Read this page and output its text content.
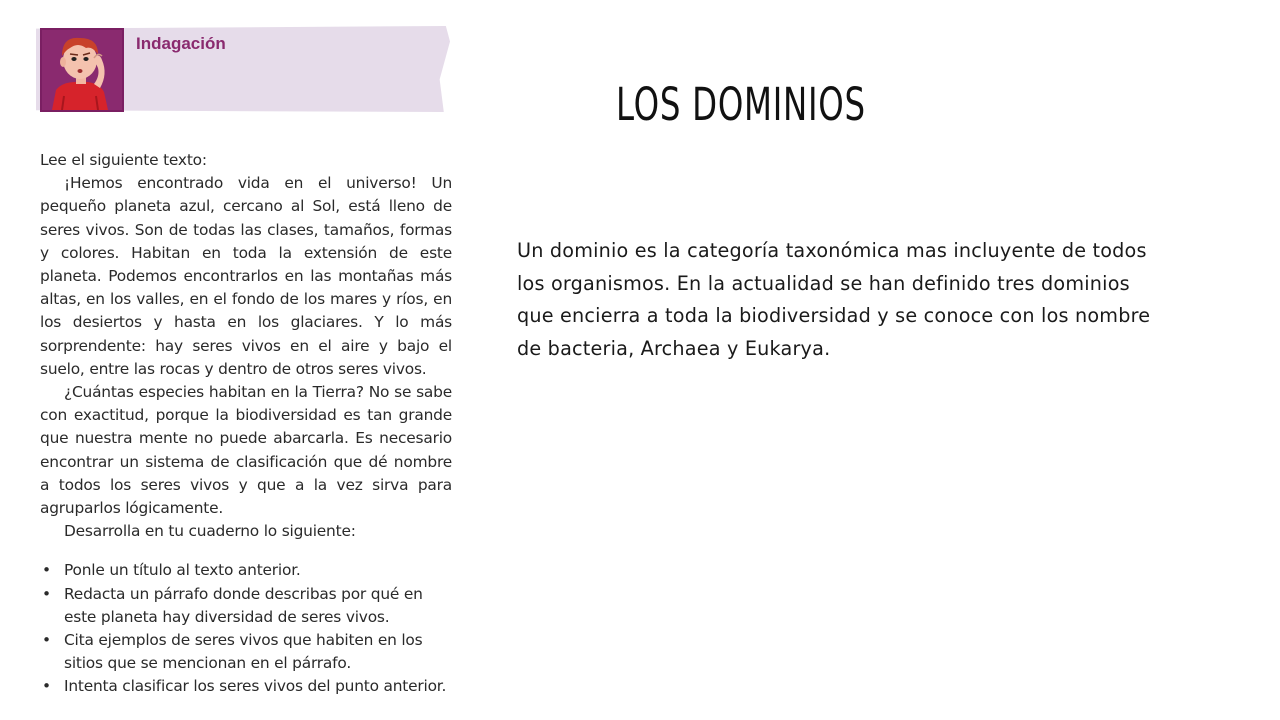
Indagación

Lee el siguiente texto:

¡Hemos encontrado vida en el universo! Un pequeño planeta azul, cercano al Sol, está lleno de seres vivos. Son de todas las clases, tamaños, formas y colores. Habitan en toda la extensión de este planeta. Podemos encontrarlos en las montañas más altas, en los valles, en el fondo de los mares y ríos, en los desiertos y hasta en los glaciares. Y lo más sorprendente: hay seres vivos en el aire y bajo el suelo, entre las rocas y dentro de otros seres vivos.

¿Cuántas especies habitan en la Tierra? No se sabe con exactitud, porque la biodiversidad es tan grande que nuestra mente no puede abarcarla. Es necesario encontrar un sistema de clasificación que dé nombre a todos los seres vivos y que a la vez sirva para agruparlos lógicamente.

Desarrolla en tu cuaderno lo siguiente:

• Ponle un título al texto anterior.
• Redacta un párrafo donde describas por qué en este planeta hay diversidad de seres vivos.
• Cita ejemplos de seres vivos que habiten en los sitios que se mencionan en el párrafo.
• Intenta clasificar los seres vivos del punto anterior.
LOS DOMINIOS

Un dominio es la categoría taxonómica mas incluyente de todos los organismos. En la actualidad se han definido tres dominios que encierra a toda la biodiversidad y se conoce con los nombre de bacteria, Archaea y Eukarya.
